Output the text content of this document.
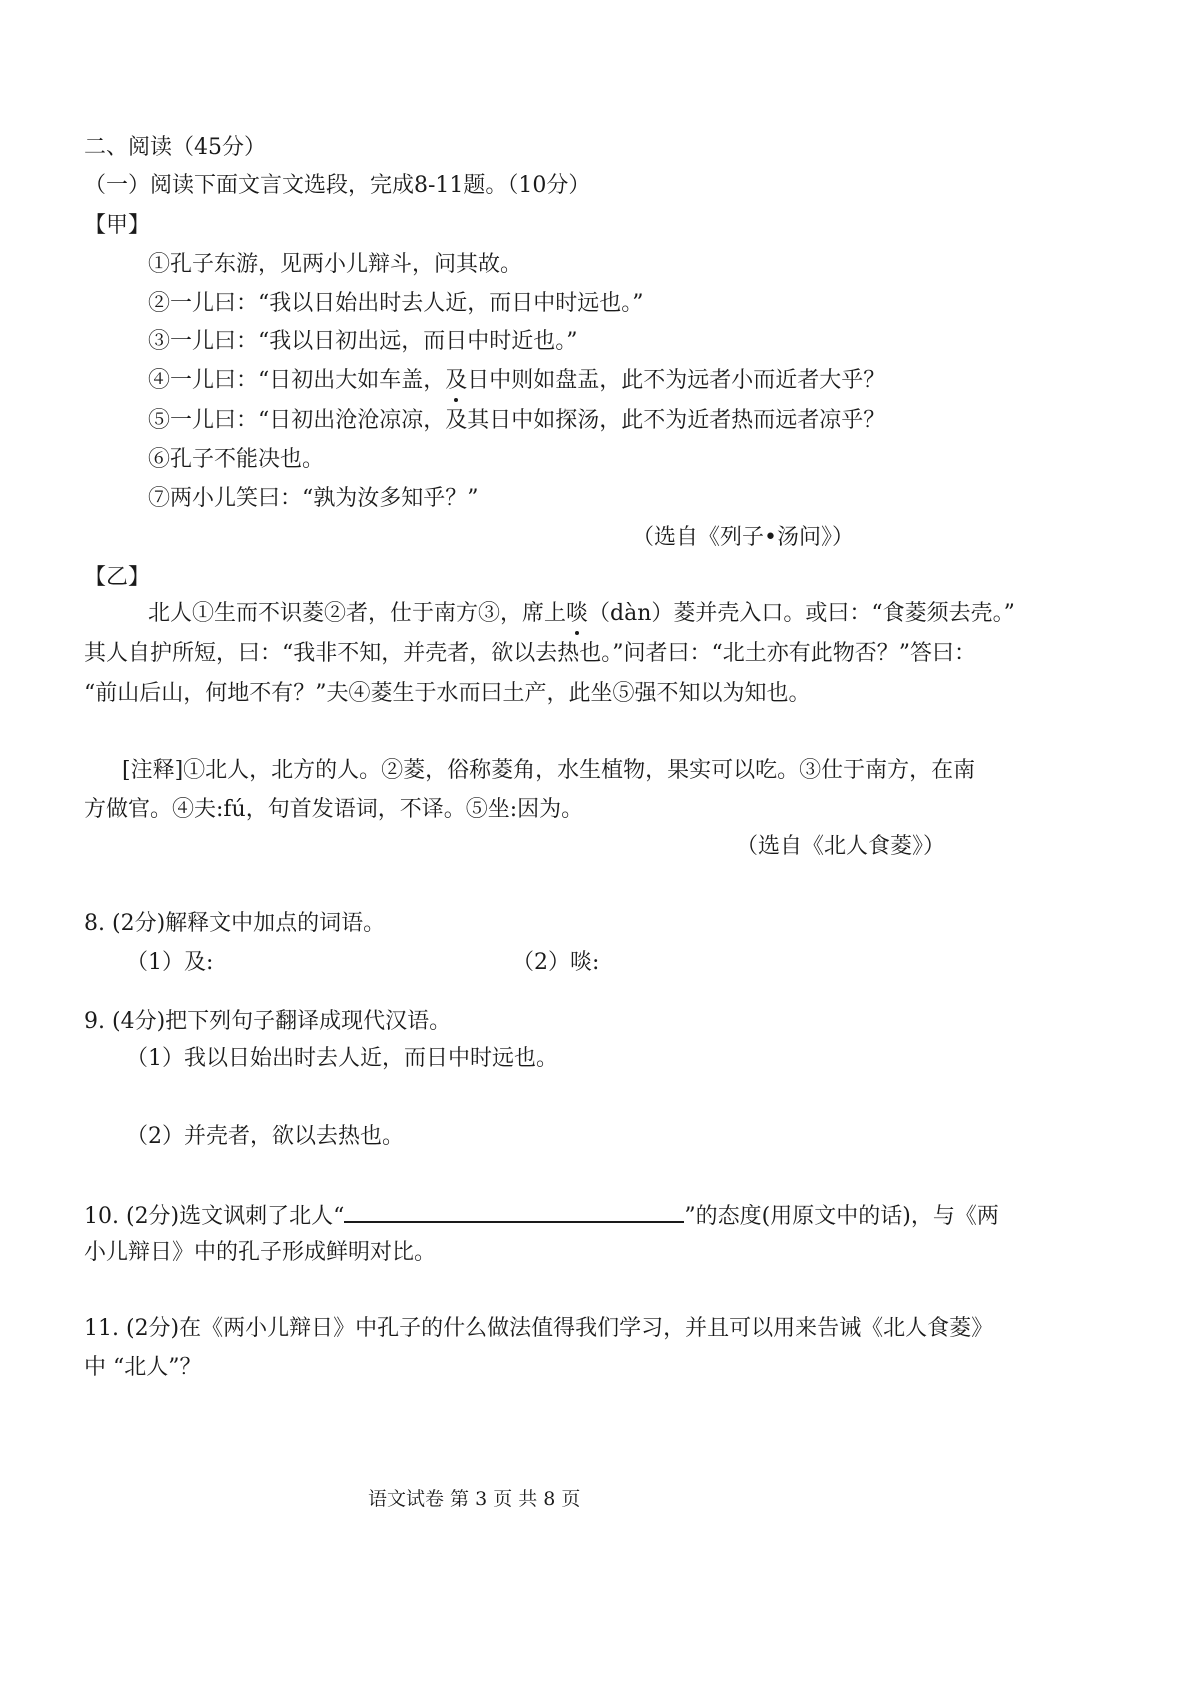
二、阅读（45分）
（一）阅读下面文言文选段，完成8-11题。（10分）
【甲】
①孔子东游，见两小儿辩斗，问其故。
②一儿曰：“我以日始出时去人近，而日中时远也。”
③一儿曰：“我以日初出远，而日中时近也。”
④一儿曰：“日初出大如车盖，及日中则如盘盂，此不为远者小而近者大乎？
⑤一儿曰：“日初出沧沧凉凉，及其日中如探汤，此不为近者热而远者凉乎？
⑥孔子不能决也。
⑦两小儿笑曰：“孰为汝多知乎？”
（选自《列子•汤问》）
【乙】
北人①生而不识菱②者，仕于南方③，席上啖（dàn）菱并壳入口。或曰：“食菱须去壳。”
其人自护所短，曰：“我非不知，并壳者，欲以去热也。”问者曰：“北土亦有此物否？”答曰：
“前山后山，何地不有？”夫④菱生于水而曰土产，此坐⑤强不知以为知也。
[注释]①北人，北方的人。②菱，俗称菱角，水生植物，果实可以吃。③仕于南方，在南
方做官。④夫:fú，句首发语词，不译。⑤坐:因为。
（选自《北人食菱》）
8. (2分)解释文中加点的词语。
（1）及:	（2）啖:
9. (4分)把下列句子翻译成现代汉语。
（1）我以日始出时去人近，而日中时远也。
（2）并壳者，欲以去热也。
10. (2分)选文讽刺了北人“	”的态度(用原文中的话)，与《两
小儿辩日》中的孔子形成鲜明对比。
11. (2分)在《两小儿辩日》中孔子的什么做法值得我们学习，并且可以用来告诫《北人食菱》
中 “北人”？
语文试卷 第 3 页 共 8 页
